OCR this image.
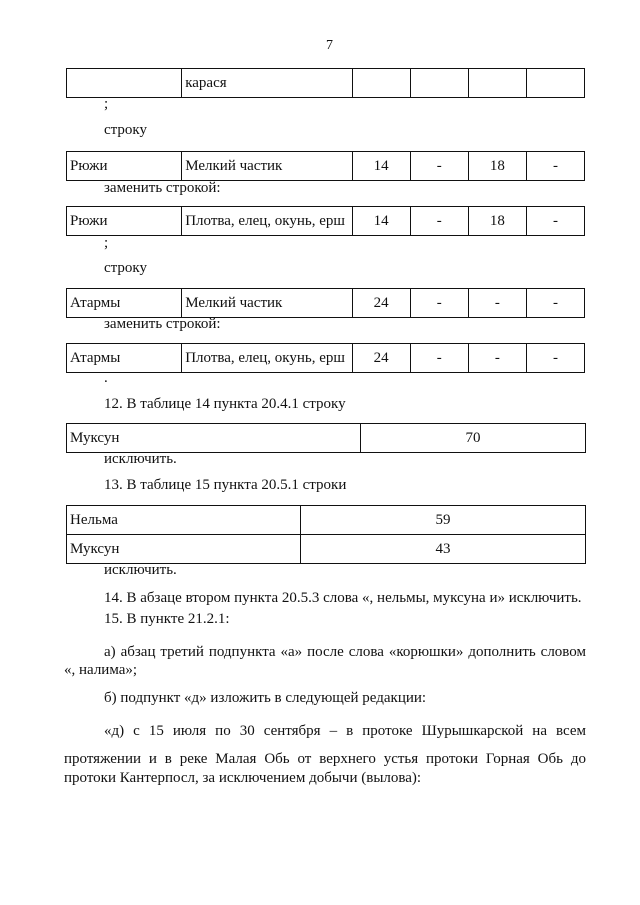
7
	карася				
;
строку
Рюжи	Мелкий частик	14	-	18	-
заменить строкой:
Рюжи	Плотва, елец, окунь, ерш	14	-	18	-
;
строку
Атармы	Мелкий частик	24	-	-	-
заменить строкой:
Атармы	Плотва, елец, окунь, ерш	24	-	-	-
.
12. В таблице 14 пункта 20.4.1 строку
Муксун	70
исключить.
13. В таблице 15 пункта 20.5.1 строки
Нельма	59
Муксун	43
исключить.
14. В абзаце втором пункта 20.5.3 слова «, нельмы, муксуна и» исключить.
15. В пункте 21.2.1:
а) абзац третий подпункта «а» после слова «корюшки» дополнить словом
«, налима»;
б) подпункт «д» изложить в следующей редакции:
«д) с 15 июля по 30 сентября – в протоке Шурышкарской на всем
протяжении и в реке Малая Обь от верхнего устья протоки Горная Обь до
протоки Кантерпосл, за исключением добычи (вылова):
